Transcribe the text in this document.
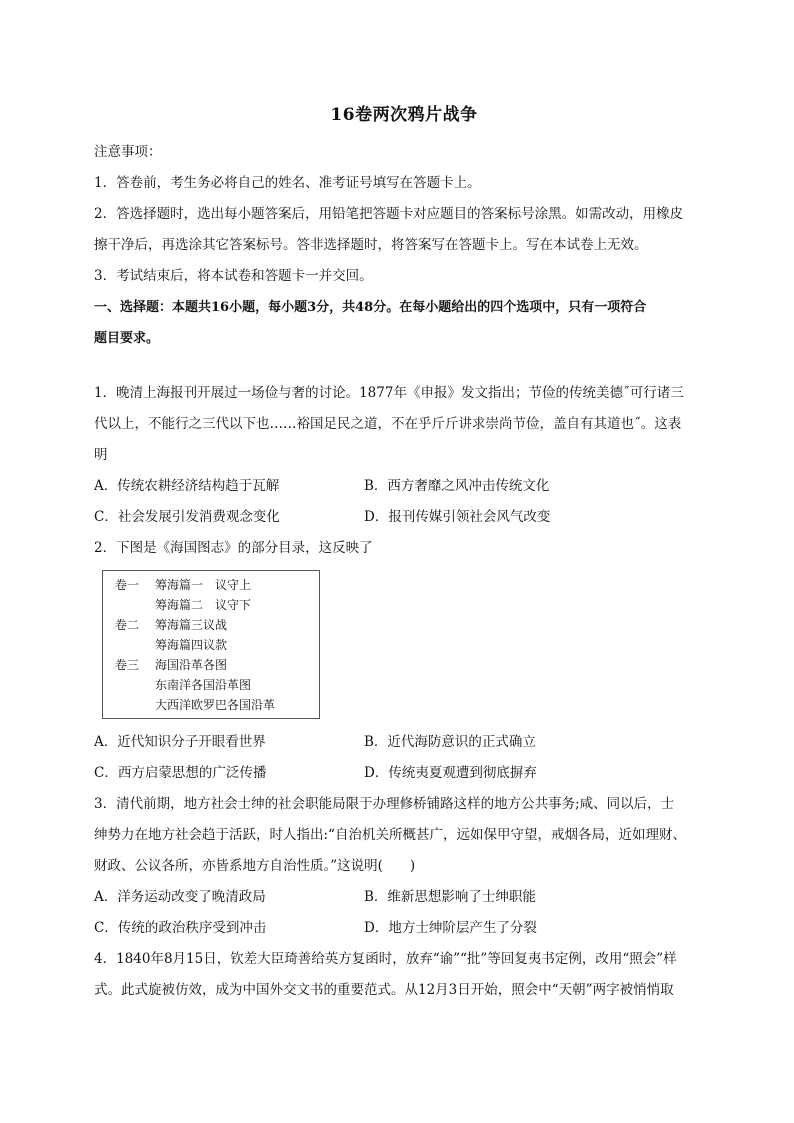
16卷两次鸦片战争
注意事项：
1．答卷前，考生务必将自己的姓名、准考证号填写在答题卡上。
2．答选择题时，选出每小题答案后，用铅笔把答题卡对应题目的答案标号涂黑。如需改动，用橡皮
擦干净后，再选涂其它答案标号。答非选择题时，将答案写在答题卡上。写在本试卷上无效。
3．考试结束后，将本试卷和答题卡一并交回。
一、选择题：本题共16小题，每小题3分，共48分。在每小题给出的四个选项中，只有一项符合
题目要求。
1．晚清上海报刊开展过一场俭与奢的讨论。1877年《申报》发文指出；节俭的传统美德˝可行诸三
代以上，不能行之三代以下也……裕国足民之道，不在乎斤斤讲求崇尚节俭，盖自有其道也˝。这表
明
A．传统农耕经济结构趋于瓦解	B．西方奢靡之风冲击传统文化
C．社会发展引发消费观念变化	D．报刊传媒引领社会风气改变
2．下图是《海国图志》的部分目录，这反映了
卷一 筹海篇一　议守上
筹海篇二　议守下
卷二 筹海篇三议战
筹海篇四议款
卷三 海国沿革各图
东南洋各国沿革图
大西洋欧罗巴各国沿革
A．近代知识分子开眼看世界	B．近代海防意识的正式确立
C．西方启蒙思想的广泛传播	D．传统夷夏观遭到彻底摒弃
3．清代前期，地方社会士绅的社会职能局限于办理修桥铺路这样的地方公共事务;咸、同以后，士
绅势力在地方社会趋于活跃，时人指出:“自治机关所概甚广，远如保甲守望，戒烟各局，近如理财、
财政、公议各所，亦皆系地方自治性质。”这说明(　　)
A．洋务运动改变了晚清政局	B．维新思想影响了士绅职能
C．传统的政治秩序受到冲击	D．地方士绅阶层产生了分裂
4．1840年8月15日，钦差大臣琦善给英方复函时，放弃“谕”“批”等回复夷书定例，改用“照会”样
式。此式旋被仿效，成为中国外交文书的重要范式。从12月3日开始，照会中“天朝”两字被悄悄取
